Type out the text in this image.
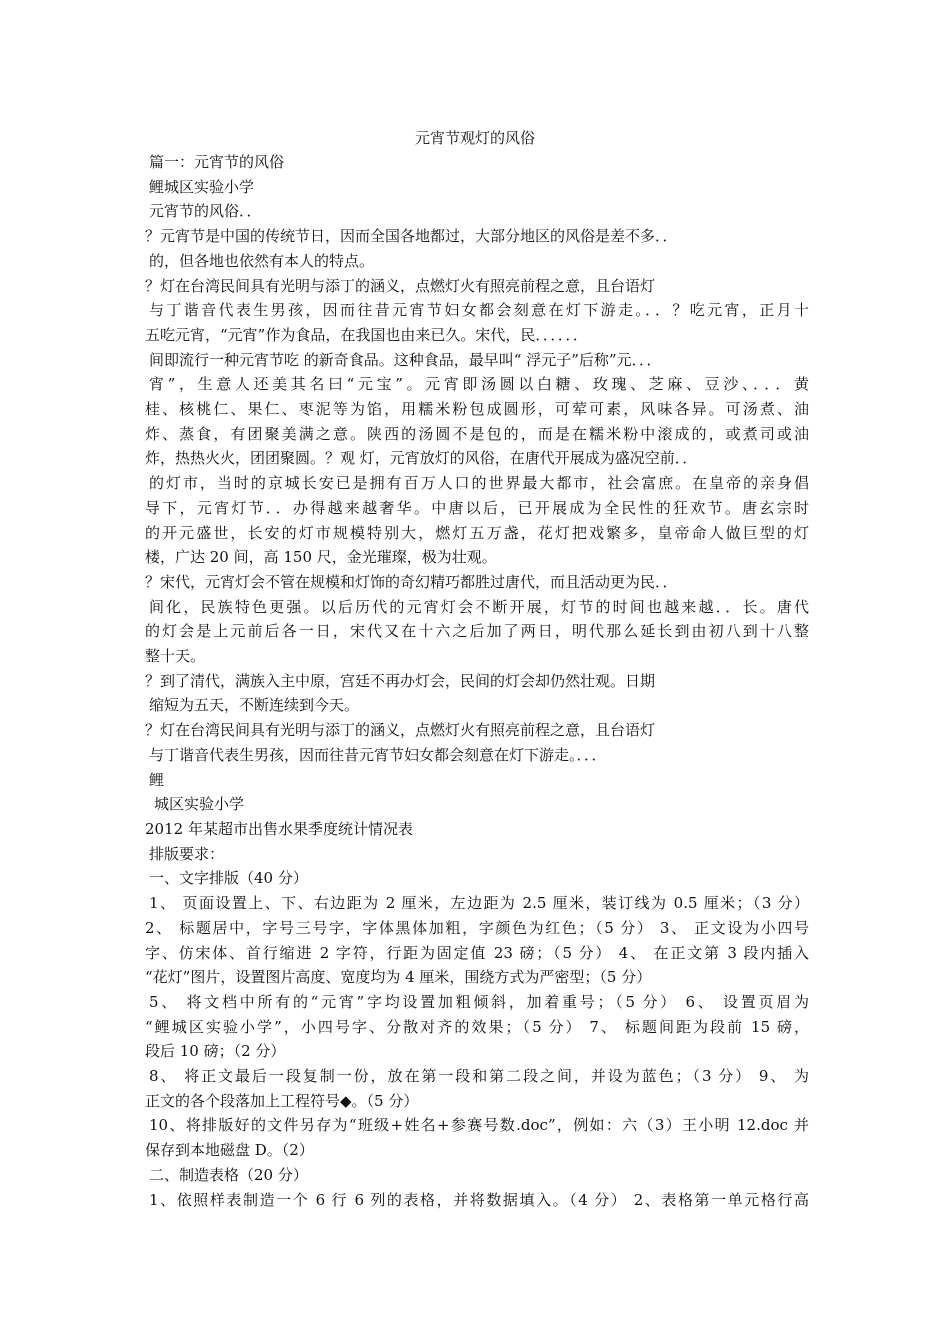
元宵节观灯的风俗
篇一：元宵节的风俗
鲤城区实验小学
元宵节的风俗．．
？元宵节是中国的传统节日，因而全国各地都过，大部分地区的风俗是差不多．．
的，但各地也依然有本人的特点。
？灯在台湾民间具有光明与添丁的涵义，点燃灯火有照亮前程之意，且台语灯
与丁谐音代表生男孩，因而往昔元宵节妇女都会刻意在灯下游走。．．？吃元宵，正月十
五吃元宵，“元宵”作为食品，在我国也由来已久。宋代，民．．．．．．
间即流行一种元宵节吃 的新奇食品。这种食品，最早叫“ 浮元子”后称”元．．．
宵”，生意人还美其名曰“元宝”。元宵即汤圆以白糖、玫瑰、芝麻、豆沙、．．．黄
桂、核桃仁、果仁、枣泥等为馅，用糯米粉包成圆形，可荤可素，风味各异。可汤煮、油
炸、蒸食，有团聚美满之意。陕西的汤圆不是包的，而是在糯米粉中滚成的，或煮司或油
炸，热热火火，团团聚圆。？观 灯，元宵放灯的风俗，在唐代开展成为盛况空前．．
的灯市，当时的京城长安已是拥有百万人口的世界最大都市，社会富庶。在皇帝的亲身倡
导下，元宵灯节．．办得越来越奢华。中唐以后，已开展成为全民性的狂欢节。唐玄宗时
的开元盛世，长安的灯市规模特别大，燃灯五万盏，花灯把戏繁多，皇帝命人做巨型的灯
楼，广达 20 间，高 150 尺，金光璀璨，极为壮观。
？宋代，元宵灯会不管在规模和灯饰的奇幻精巧都胜过唐代，而且活动更为民．．
间化，民族特色更强。以后历代的元宵灯会不断开展，灯节的时间也越来越．．长。唐代
的灯会是上元前后各一日，宋代又在十六之后加了两日，明代那么延长到由初八到十八整
整十天。
？到了清代，满族入主中原，宫廷不再办灯会，民间的灯会却仍然壮观。日期
缩短为五天，不断连续到今天。
？灯在台湾民间具有光明与添丁的涵义，点燃灯火有照亮前程之意，且台语灯
与丁谐音代表生男孩，因而往昔元宵节妇女都会刻意在灯下游走。．．．
鲤
城区实验小学
2012 年某超市出售水果季度统计情况表
排版要求：
一、文字排版（40 分）
1、 页面设置上、下、右边距为 2 厘米，左边距为 2.5 厘米，装订线为 0.5 厘米；（3 分）
2、 标题居中，字号三号字，字体黑体加粗，字颜色为红色；（5 分） 3、 正文设为小四号
字、仿宋体、首行缩进 2 字符，行距为固定值 23 磅；（5 分） 4、 在正文第 3 段内插入
“花灯”图片，设置图片高度、宽度均为 4 厘米，围绕方式为严密型；（5 分）
5、 将文档中所有的“元宵”字均设置加粗倾斜，加着重号；（5 分） 6、 设置页眉为
“鲤城区实验小学”，小四号字、分散对齐的效果；（5 分） 7、 标题间距为段前 15 磅，
段后 10 磅；（2 分）
8、 将正文最后一段复制一份，放在第一段和第二段之间，并设为蓝色；（3 分） 9、 为
正文的各个段落加上工程符号◆。（5 分）
10、将排版好的文件另存为“班级+姓名+参赛号数.doc”，例如：六（3）王小明 12.doc 并
保存到本地磁盘 D。（2）
二、制造表格（20 分）
1、依照样表制造一个 6 行 6 列的表格，并将数据填入。（4 分） 2、表格第一单元格行高
